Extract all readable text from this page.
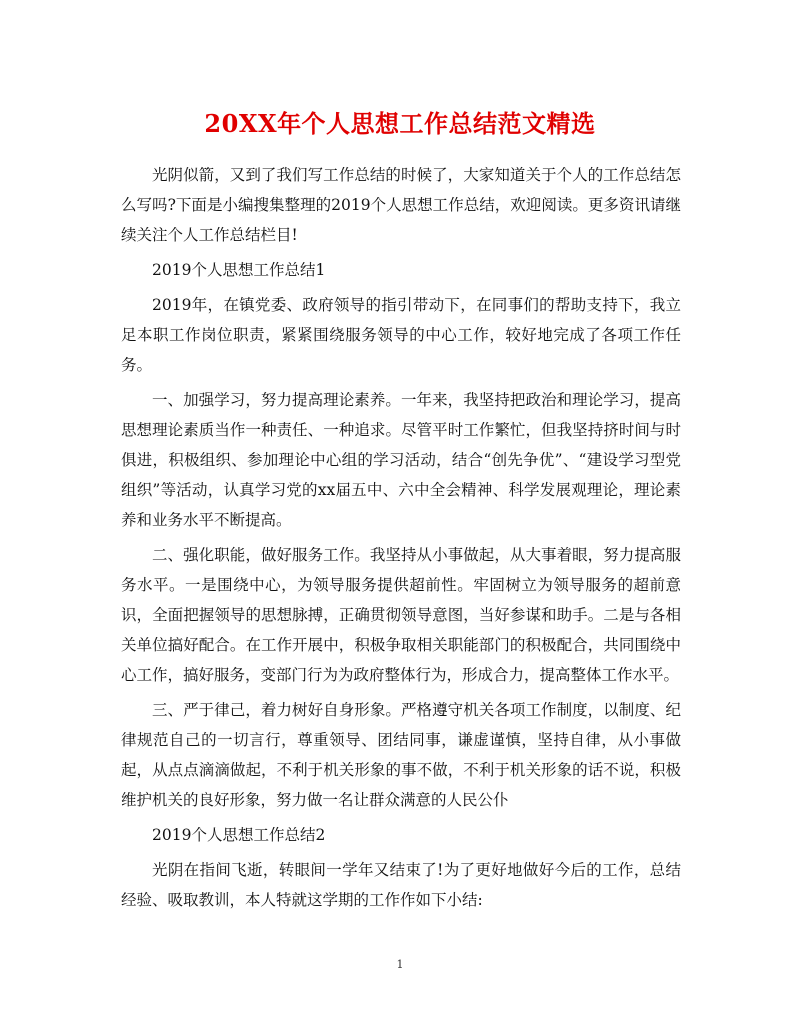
20XX年个人思想工作总结范文精选

光阴似箭，又到了我们写工作总结的时候了，大家知道关于个人的工作总结怎么写吗?下面是小编搜集整理的2019个人思想工作总结，欢迎阅读。更多资讯请继续关注个人工作总结栏目!

2019个人思想工作总结1

2019年，在镇党委、政府领导的指引带动下，在同事们的帮助支持下，我立足本职工作岗位职责，紧紧围绕服务领导的中心工作，较好地完成了各项工作任务。

一、加强学习，努力提高理论素养。一年来，我坚持把政治和理论学习，提高思想理论素质当作一种责任、一种追求。尽管平时工作繁忙，但我坚持挤时间与时俱进，积极组织、参加理论中心组的学习活动，结合“创先争优”、“建设学习型党组织”等活动，认真学习党的xx届五中、六中全会精神、科学发展观理论，理论素养和业务水平不断提高。

二、强化职能，做好服务工作。我坚持从小事做起，从大事着眼，努力提高服务水平。一是围绕中心，为领导服务提供超前性。牢固树立为领导服务的超前意识，全面把握领导的思想脉搏，正确贯彻领导意图，当好参谋和助手。二是与各相关单位搞好配合。在工作开展中，积极争取相关职能部门的积极配合，共同围绕中心工作，搞好服务，变部门行为为政府整体行为，形成合力，提高整体工作水平。

三、严于律己，着力树好自身形象。严格遵守机关各项工作制度，以制度、纪律规范自己的一切言行，尊重领导、团结同事，谦虚谨慎，坚持自律，从小事做起，从点点滴滴做起，不利于机关形象的事不做，不利于机关形象的话不说，积极维护机关的良好形象，努力做一名让群众满意的人民公仆

2019个人思想工作总结2

光阴在指间飞逝，转眼间一学年又结束了!为了更好地做好今后的工作，总结经验、吸取教训，本人特就这学期的工作作如下小结:

1
